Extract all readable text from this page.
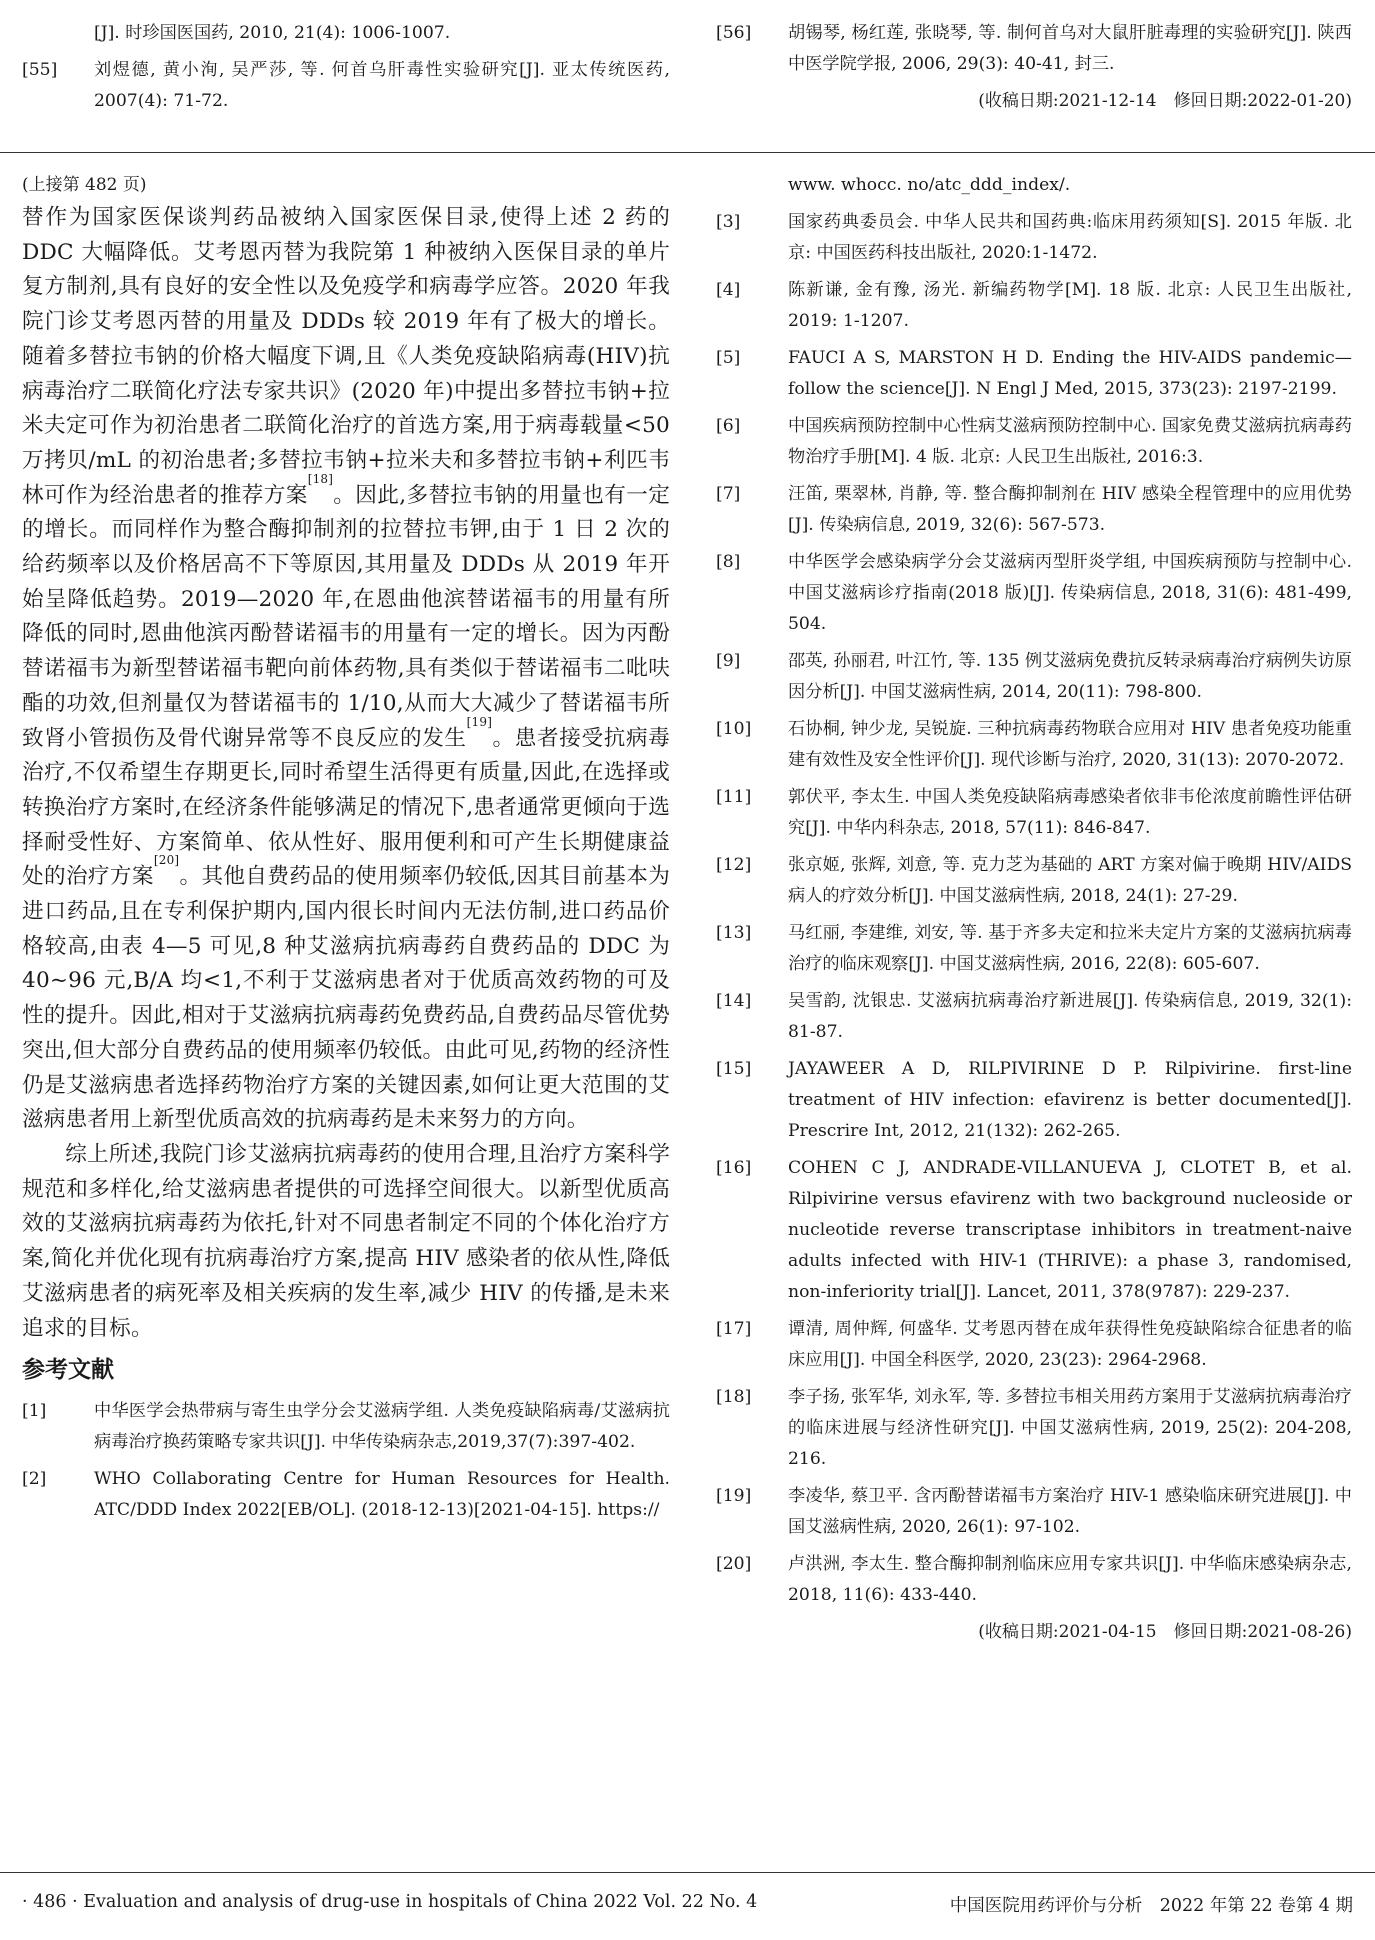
[J]. 时珍国医国药, 2010, 21(4): 1006-1007.
[55] 刘煜德, 黄小洵, 吴严莎, 等. 何首乌肝毒性实验研究[J]. 亚太传统医药, 2007(4): 71-72.
[56] 胡锡琴, 杨红莲, 张晓琴, 等. 制何首乌对大鼠肝脏毒理的实验研究[J]. 陕西中医学院学报, 2006, 29(3): 40-41, 封三.
(收稿日期:2021-12-14　修回日期:2022-01-20)

(上接第 482 页)

替作为国家医保谈判药品被纳入国家医保目录,使得上述 2 药的 DDC 大幅降低。艾考恩丙替为我院第 1 种被纳入医保目录的单片复方制剂,具有良好的安全性以及免疫学和病毒学应答。2020 年我院门诊艾考恩丙替的用量及 DDDs 较 2019 年有了极大的增长。随着多替拉韦钠的价格大幅度下调,且《人类免疫缺陷病毒(HIV)抗病毒治疗二联简化疗法专家共识》(2020 年)中提出多替拉韦钠+拉米夫定可作为初治患者二联简化治疗的首选方案,用于病毒载量<50 万拷贝/mL 的初治患者;多替拉韦钠+拉米夫和多替拉韦钠+利匹韦林可作为经治患者的推荐方案[18]。因此,多替拉韦钠的用量也有一定的增长。而同样作为整合酶抑制剂的拉替拉韦钾,由于 1 日 2 次的给药频率以及价格居高不下等原因,其用量及 DDDs 从 2019 年开始呈降低趋势。2019—2020 年,在恩曲他滨替诺福韦的用量有所降低的同时,恩曲他滨丙酚替诺福韦的用量有一定的增长。因为丙酚替诺福韦为新型替诺福韦靶向前体药物,具有类似于替诺福韦二吡呋酯的功效,但剂量仅为替诺福韦的 1/10,从而大大减少了替诺福韦所致肾小管损伤及骨代谢异常等不良反应的发生[19]。患者接受抗病毒治疗,不仅希望生存期更长,同时希望生活得更有质量,因此,在选择或转换治疗方案时,在经济条件能够满足的情况下,患者通常更倾向于选择耐受性好、方案简单、依从性好、服用便利和可产生长期健康益处的治疗方案[20]。其他自费药品的使用频率仍较低,因其目前基本为进口药品,且在专利保护期内,国内很长时间内无法仿制,进口药品价格较高,由表 4—5 可见,8 种艾滋病抗病毒药自费药品的 DDC 为 40~96 元,B/A 均<1,不利于艾滋病患者对于优质高效药物的可及性的提升。因此,相对于艾滋病抗病毒药免费药品,自费药品尽管优势突出,但大部分自费药品的使用频率仍较低。由此可见,药物的经济性仍是艾滋病患者选择药物治疗方案的关键因素,如何让更大范围的艾滋病患者用上新型优质高效的抗病毒药是未来努力的方向。

综上所述,我院门诊艾滋病抗病毒药的使用合理,且治疗方案科学规范和多样化,给艾滋病患者提供的可选择空间很大。以新型优质高效的艾滋病抗病毒药为依托,针对不同患者制定不同的个体化治疗方案,简化并优化现有抗病毒治疗方案,提高 HIV 感染者的依从性,降低艾滋病患者的病死率及相关疾病的发生率,减少 HIV 的传播,是未来追求的目标。

参考文献
[1]	中华医学会热带病与寄生虫学分会艾滋病学组. 人类免疫缺陷病毒/艾滋病抗病毒治疗换药策略专家共识[J]. 中华传染病杂志,2019,37(7):397-402.
[2]	WHO Collaborating Centre for Human Resources for Health. ATC/DDD Index 2022[EB/OL]. (2018-12-13)[2021-04-15]. https://
www. whocc. no/atc_ddd_index/.
[3]	国家药典委员会. 中华人民共和国药典:临床用药须知[S]. 2015 年版. 北京: 中国医药科技出版社, 2020:1-1472.
[4]	陈新谦, 金有豫, 汤光. 新编药物学[M]. 18 版. 北京: 人民卫生出版社, 2019: 1-1207.
[5]	FAUCI A S, MARSTON H D. Ending the HIV-AIDS pandemic—follow the science[J]. N Engl J Med, 2015, 373(23): 2197-2199.
[6]	中国疾病预防控制中心性病艾滋病预防控制中心. 国家免费艾滋病抗病毒药物治疗手册[M]. 4 版. 北京: 人民卫生出版社, 2016:3.
[7]	汪笛, 栗翠林, 肖静, 等. 整合酶抑制剂在 HIV 感染全程管理中的应用优势[J]. 传染病信息, 2019, 32(6): 567-573.
[8]	中华医学会感染病学分会艾滋病丙型肝炎学组, 中国疾病预防与控制中心. 中国艾滋病诊疗指南(2018 版)[J]. 传染病信息, 2018, 31(6): 481-499, 504.
[9]	邵英, 孙丽君, 叶江竹, 等. 135 例艾滋病免费抗反转录病毒治疗病例失访原因分析[J]. 中国艾滋病性病, 2014, 20(11): 798-800.
[10] 石协桐, 钟少龙, 吴锐旋. 三种抗病毒药物联合应用对 HIV 患者免疫功能重建有效性及安全性评价[J]. 现代诊断与治疗, 2020, 31(13): 2070-2072.
[11] 郭伏平, 李太生. 中国人类免疫缺陷病毒感染者依非韦伦浓度前瞻性评估研究[J]. 中华内科杂志, 2018, 57(11): 846-847.
[12] 张京姬, 张辉, 刘意, 等. 克力芝为基础的 ART 方案对偏于晚期 HIV/AIDS 病人的疗效分析[J]. 中国艾滋病性病, 2018, 24(1): 27-29.
[13] 马红丽, 李建维, 刘安, 等. 基于齐多夫定和拉米夫定片方案的艾滋病抗病毒治疗的临床观察[J]. 中国艾滋病性病, 2016, 22(8): 605-607.
[14] 吴雪韵, 沈银忠. 艾滋病抗病毒治疗新进展[J]. 传染病信息, 2019, 32(1): 81-87.
[15] JAYAWEER A D, RILPIVIRINE D P. Rilpivirine. first-line treatment of HIV infection: efavirenz is better documented[J]. Prescrire Int, 2012, 21(132): 262-265.
[16] COHEN C J, ANDRADE-VILLANUEVA J, CLOTET B, et al. Rilpivirine versus efavirenz with two background nucleoside or nucleotide reverse transcriptase inhibitors in treatment-naive adults infected with HIV-1 (THRIVE): a phase 3, randomised, non-inferiority trial[J]. Lancet, 2011, 378(9787): 229-237.
[17] 谭清, 周仲辉, 何盛华. 艾考恩丙替在成年获得性免疫缺陷综合征患者的临床应用[J]. 中国全科医学, 2020, 23(23): 2964-2968.
[18] 李子扬, 张军华, 刘永军, 等. 多替拉韦相关用药方案用于艾滋病抗病毒治疗的临床进展与经济性研究[J]. 中国艾滋病性病, 2019, 25(2): 204-208, 216.
[19] 李凌华, 蔡卫平. 含丙酚替诺福韦方案治疗 HIV-1 感染临床研究进展[J]. 中国艾滋病性病, 2020, 26(1): 97-102.
[20] 卢洪洲, 李太生. 整合酶抑制剂临床应用专家共识[J]. 中华临床感染病杂志, 2018, 11(6): 433-440.
(收稿日期:2021-04-15　修回日期:2021-08-26)
· 486 · Evaluation and analysis of drug-use in hospitals of China 2022 Vol. 22 No. 4	中国医院用药评价与分析　2022 年第 22 卷第 4 期
